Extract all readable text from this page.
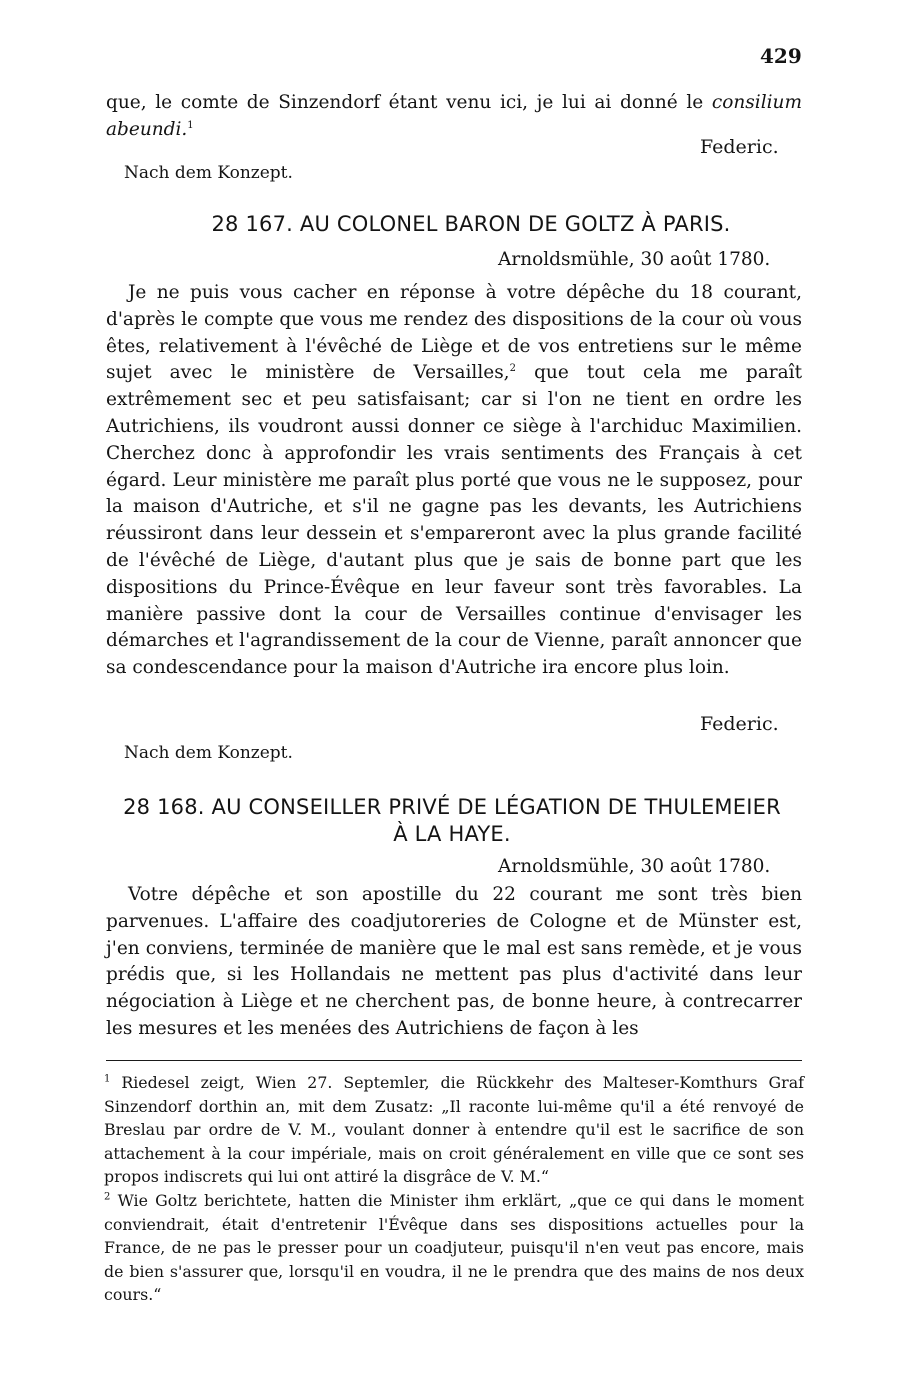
429
que, le comte de Sinzendorf étant venu ici, je lui ai donné le consilium abeundi.$^1$
Federic.
Nach dem Konzept.
28 167. AU COLONEL BARON DE GOLTZ À PARIS.
Arnoldsmühle, 30 août 1780.
Je ne puis vous cacher en réponse à votre dépêche du 18 courant, d'après le compte que vous me rendez des dispositions de la cour où vous êtes, relativement à l'évêché de Liège et de vos entretiens sur le même sujet avec le ministère de Versailles,$^2$ que tout cela me paraît extrêmement sec et peu satisfaisant; car si l'on ne tient en ordre les Autrichiens, ils voudront aussi donner ce siège à l'archiduc Maximilien. Cherchez donc à approfondir les vrais sentiments des Français à cet égard. Leur ministère me paraît plus porté que vous ne le supposez, pour la maison d'Autriche, et s'il ne gagne pas les devants, les Autrichiens réussiront dans leur dessein et s'empareront avec la plus grande facilité de l'évêché de Liège, d'autant plus que je sais de bonne part que les dispositions du Prince-Évêque en leur faveur sont très favorables. La manière passive dont la cour de Versailles continue d'envisager les démarches et l'agrandissement de la cour de Vienne, paraît annoncer que sa condescendance pour la maison d'Autriche ira encore plus loin.
Federic.
Nach dem Konzept.
28 168. AU CONSEILLER PRIVÉ DE LÉGATION DE THULEMEIER
À LA HAYE.
Arnoldsmühle, 30 août 1780.
Votre dépêche et son apostille du 22 courant me sont très bien parvenues. L'affaire des coadjutoreries de Cologne et de Münster est, j'en conviens, terminée de manière que le mal est sans remède, et je vous prédis que, si les Hollandais ne mettent pas plus d'activité dans leur négociation à Liège et ne cherchent pas, de bonne heure, à contrecarrer les mesures et les menées des Autrichiens de façon à les
$^1$ Riedesel zeigt, Wien 27. Septemler, die Rückkehr des Malteser-Komthurs Graf Sinzendorf dorthin an, mit dem Zusatz: „Il raconte lui-même qu'il a été renvoyé de Breslau par ordre de V. M., voulant donner à entendre qu'il est le sacrifice de son attachement à la cour impériale, mais on croit généralement en ville que ce sont ses propos indiscrets qui lui ont attiré la disgrâce de V. M.“
$^2$ Wie Goltz berichtete, hatten die Minister ihm erklärt, „que ce qui dans le moment conviendrait, était d'entretenir l'Évêque dans ses dispositions actuelles pour la France, de ne pas le presser pour un coadjuteur, puisqu'il n'en veut pas encore, mais de bien s'assurer que, lorsqu'il en voudra, il ne le prendra que des mains de nos deux cours.“
